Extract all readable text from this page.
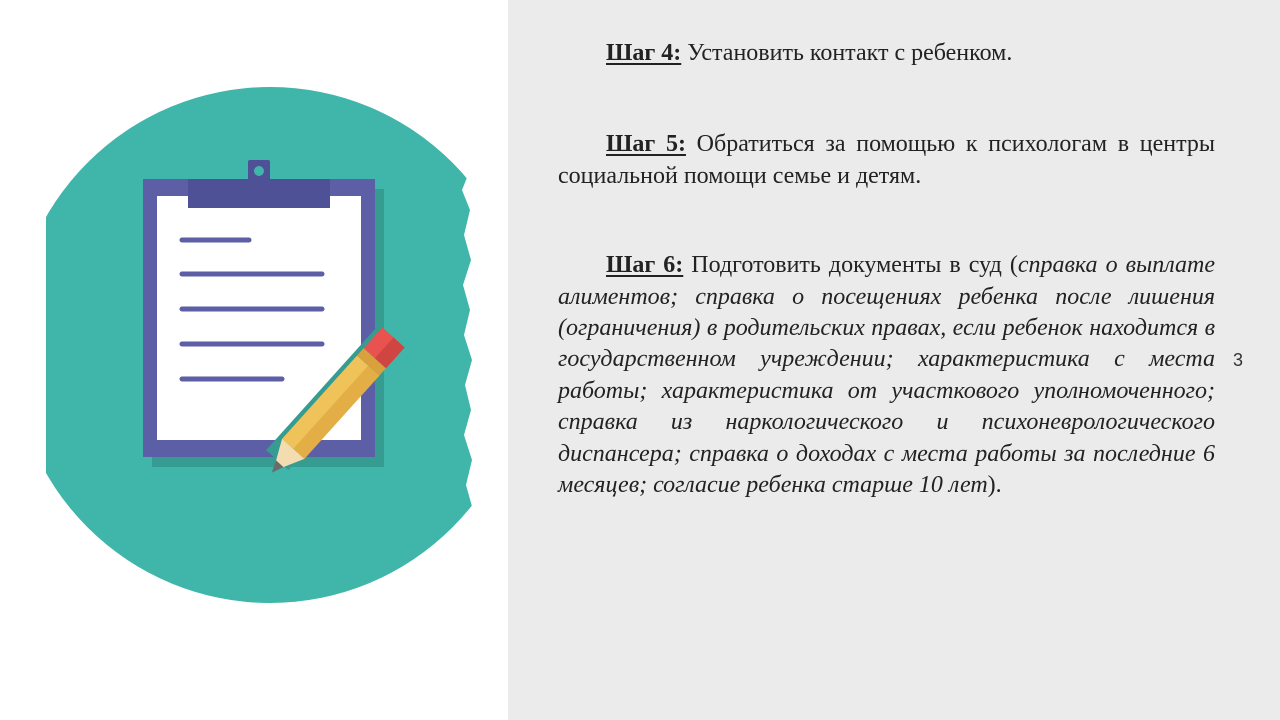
Шаг 4: Установить контакт с ребенком.

Шаг 5: Обратиться за помощью к психологам в центры социальной помощи семье и детям.

Шаг 6: Подготовить документы в суд (справка о выплате алиментов; справка о посещениях ребенка после лишения (ограничения) в родительских правах, если ребенок находится в государственном учреждении; характеристика с места работы; характеристика от участкового уполномоченного; справка из наркологического и психоневрологического диспансера; справка о доходах с места работы за последние 6 месяцев; согласие ребенка старше 10 лет).

3
